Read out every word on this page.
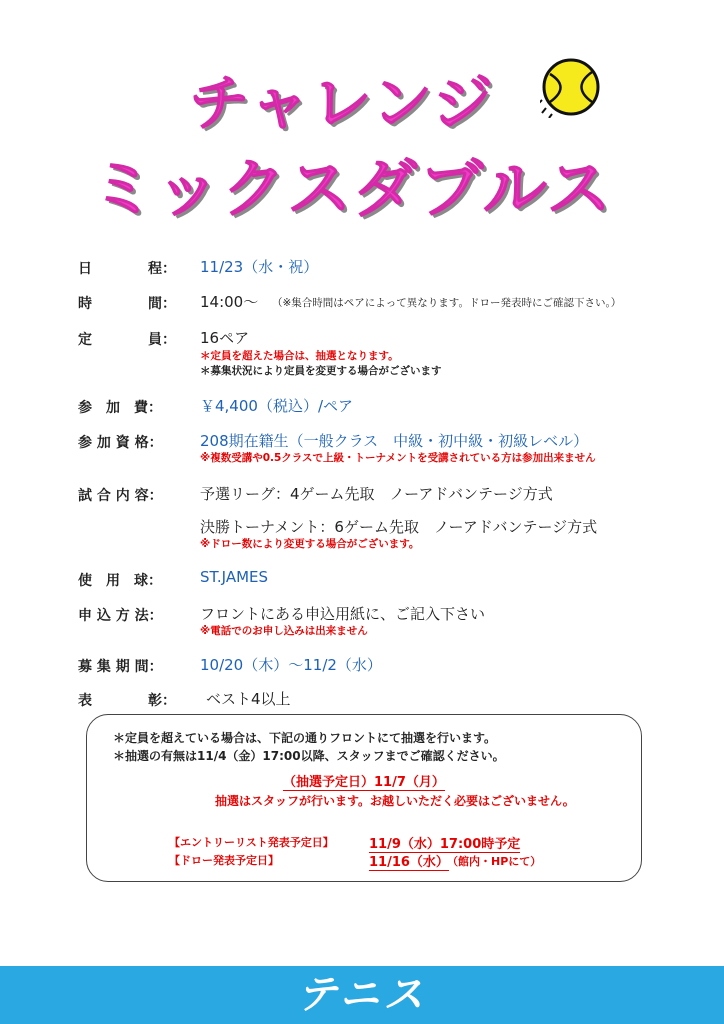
チャレンジ
ミックスダブルス
日　　　　程： 11/23（水・祝）
時　　　　間： 14:00～ （※集合時間はペアによって異なります。ドロー発表時にご確認下さい。）
定　　　　員： 16ペア
＊定員を超えた場合は、抽選となります。
＊募集状況により定員を変更する場合がございます
参　加　費：	￥4,400（税込）/ペア
参 加 資 格： 208期在籍生（一般クラス　中級・初中級・初級レベル）
※複数受講や0.5クラスで上級・トーナメントを受講されている方は参加出来ません
試 合 内 容： 予選リーグ：4ゲーム先取　ノーアドバンテージ方式
決勝トーナメント：6ゲーム先取　ノーアドバンテージ方式
※ドロー数により変更する場合がございます。
使　用　球：	ST.JAMES
申 込 方 法： フロントにある申込用紙に、ご記入下さい
※電話でのお申し込みは出来ません
募 集 期 間： 10/20（木）～11/2（水）
表　　　　彰： ベスト4以上
＊定員を超えている場合は、下記の通りフロントにて抽選を行います。
＊抽選の有無は11/4（金）17:00以降、スタッフまでご確認ください。
（抽選予定日）11/7（月）
抽選はスタッフが行います。お越しいただく必要はございません。
【エントリーリスト発表予定日】	11/9（水）17:00時予定
【ドロー発表予定日】	11/16（水）
（館内・HPにて）
テニス
